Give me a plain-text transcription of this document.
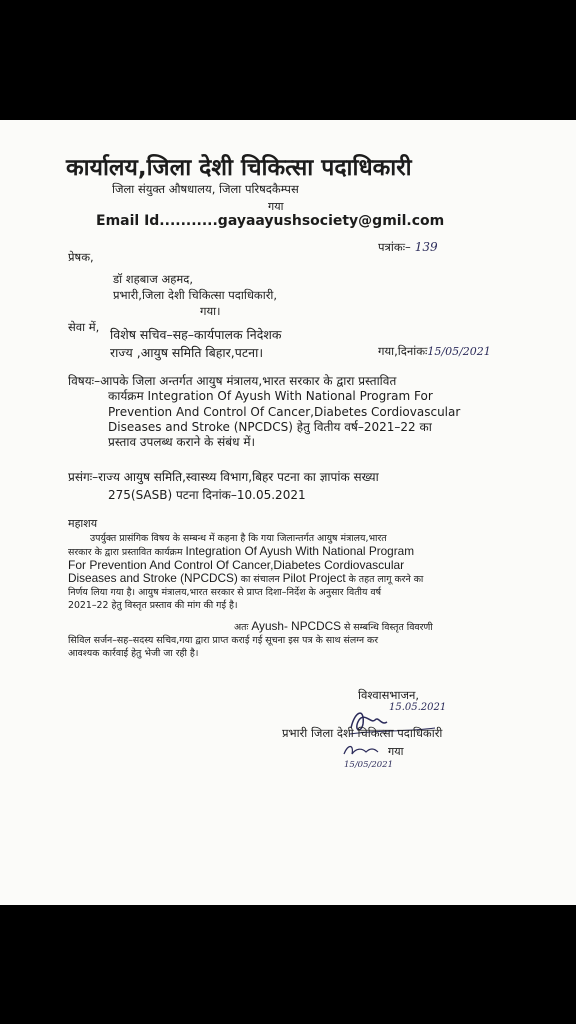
कार्यालय,जिला देशी चिकित्सा पदाधिकारी
जिला संयुक्त औषधालय, जिला परिषदकैम्पस
गया
Email Id...........gayaayushsociety@gmil.com
पत्रांकः– 139
प्रेषक,
डॉ शहबाज अहमद,
प्रभारी,जिला देशी चिकित्सा पदाधिकारी,
गया।
सेवा में, विशेष सचिव–सह–कार्यपालक निदेशक
राज्य ,आयुष समिति बिहार,पटना।	गया,दिनांकः15/05/2021
विषयः–आपके जिला अन्तर्गत आयुष मंत्रालय,भारत सरकार के द्वारा प्रस्तावित
कार्यक्रम Integration Of Ayush With National Program For
Prevention And Control Of Cancer,Diabetes Cordiovascular
Diseases and Stroke (NPCDCS) हेतु वितीय वर्ष–2021–22 का
प्रस्ताव उपलब्ध कराने के संबंध में।
प्रसंगः–राज्य आयुष समिति,स्वास्थ्य विभाग,बिहर पटना का ज्ञापांक सख्या
275(SASB) पटना दिनांक–10.05.2021
महाशय
उपर्युक्त प्रासंगिक विषय के सम्बन्ध में कहना है कि गया जिलान्तर्गत आयुष मंत्रालय,भारत
सरकार के द्वारा प्रस्तावित कार्यक्रम Integration Of Ayush With National Program
For Prevention And Control Of Cancer,Diabetes Cordiovascular
Diseases and Stroke (NPCDCS) का संचालन Pilot Project के तहत लागू करने का
निर्णय लिया गया है। आयुष मंत्रालय,भारत सरकार से प्राप्त दिशा–निर्देश के अनुसार वितीय वर्ष
2021–22 हेतु विस्तृत प्रस्ताव की मांग की गई है।
अतः Ayush- NPCDCS से सम्बन्धि विस्तृत विवरणी
सिविल सर्जन–सह–सदस्य सचिव,गया द्वारा प्राप्त कराई गई सूचना इस पत्र के साथ संलग्न कर
आवश्यक कार्रवाई हेतु भेजी जा रही है।
विश्वासभाजन,
15.05.2021
प्रभारी जिला देशी चिकित्सा पदाधिकारी
15/05/2021
गया
